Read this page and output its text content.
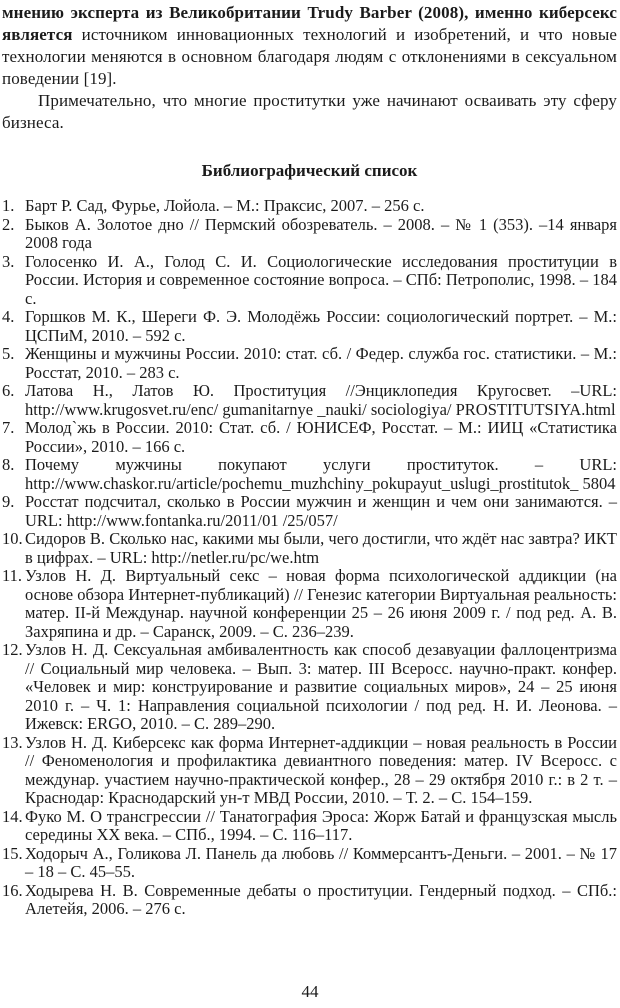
мнению эксперта из Великобритании Trudy Barber (2008), именно киберсекс является источником инновационных технологий и изобретений, и что новые технологии меняются в основном благодаря людям с отклонениями в сексуальном поведении [19].

Примечательно, что многие проститутки уже начинают осваивать эту сферу бизнеса.

Библиографический список
1. Барт Р. Сад, Фурье, Лойола. – М.: Праксис, 2007. – 256 с.
2. Быков А. Золотое дно // Пермский обозреватель. – 2008. – № 1 (353). –14 января 2008 года
3. Голосенко И. А., Голод С. И. Социологические исследования проституции в России. История и современное состояние вопроса. – СПб: Петрополис, 1998. – 184 с.
4. Горшков М. К., Шереги Ф. Э. Молодёжь России: социологический портрет. – М.: ЦСПиМ, 2010. – 592 с.
5. Женщины и мужчины России. 2010: стат. сб. / Федер. служба гос. статистики. – М.: Росстат, 2010. – 283 с.
6. Латова Н., Латов Ю. Проституция //Энциклопедия Кругосвет. –URL: http://www.krugosvet.ru/enc/ gumanitarnye _nauki/ sociologiya/ PROSTITUTSIYA.html
7. Молод`жь в России. 2010: Стат. сб. / ЮНИСЕФ, Росстат. – М.: ИИЦ «Статистика России», 2010. – 166 с.
8. Почему мужчины покупают услуги проституток. – URL: http://www.chaskor.ru/article/pochemu_muzhchiny_pokupayut_uslugi_prostitutok_ 5804
9. Росстат подсчитал, сколько в России мужчин и женщин и чем они занимаются. – URL: http://www.fontanka.ru/2011/01 /25/057/
10. Сидоров В. Сколько нас, какими мы были, чего достигли, что ждёт нас завтра? ИКТ в цифрах. – URL: http://netler.ru/pc/we.htm
11. Узлов Н. Д. Виртуальный секс – новая форма психологической аддикции (на основе обзора Интернет-публикаций) // Генезис категории Виртуальная реальность: матер. II-й Междунар. научной конференции 25 – 26 июня 2009 г. / под ред. А. В. Захряпина и др. – Саранск, 2009. – С. 236–239.
12. Узлов Н. Д. Сексуальная амбивалентность как способ дезавуации фаллоцентризма // Социальный мир человека. – Вып. 3: матер. III Всеросс. научно-практ. конфер. «Человек и мир: конструирование и развитие социальных миров», 24 – 25 июня 2010 г. – Ч. 1: Направления социальной психологии / под ред. Н. И. Леонова. – Ижевск: ERGO, 2010. – С. 289–290.
13. Узлов Н. Д. Киберсекс как форма Интернет-аддикции – новая реальность в России // Феноменология и профилактика девиантного поведения: матер. IV Всеросс. с междунар. участием научно-практической конфер., 28 – 29 октября 2010 г.: в 2 т. – Краснодар: Краснодарский ун-т МВД России, 2010. – Т. 2. – С. 154–159.
14. Фуко М. О трансгрессии // Танатография Эроса: Жорж Батай и французская мысль середины XX века. – СПб., 1994. – С. 116–117.
15. Ходорыч А., Голикова Л. Панель да любовь // Коммерсантъ-Деньги. – 2001. – № 17 – 18 – С. 45–55.
16. Ходырева Н. В. Современные дебаты о проституции. Гендерный подход. – СПб.: Алетейя, 2006. – 276 с.
44
